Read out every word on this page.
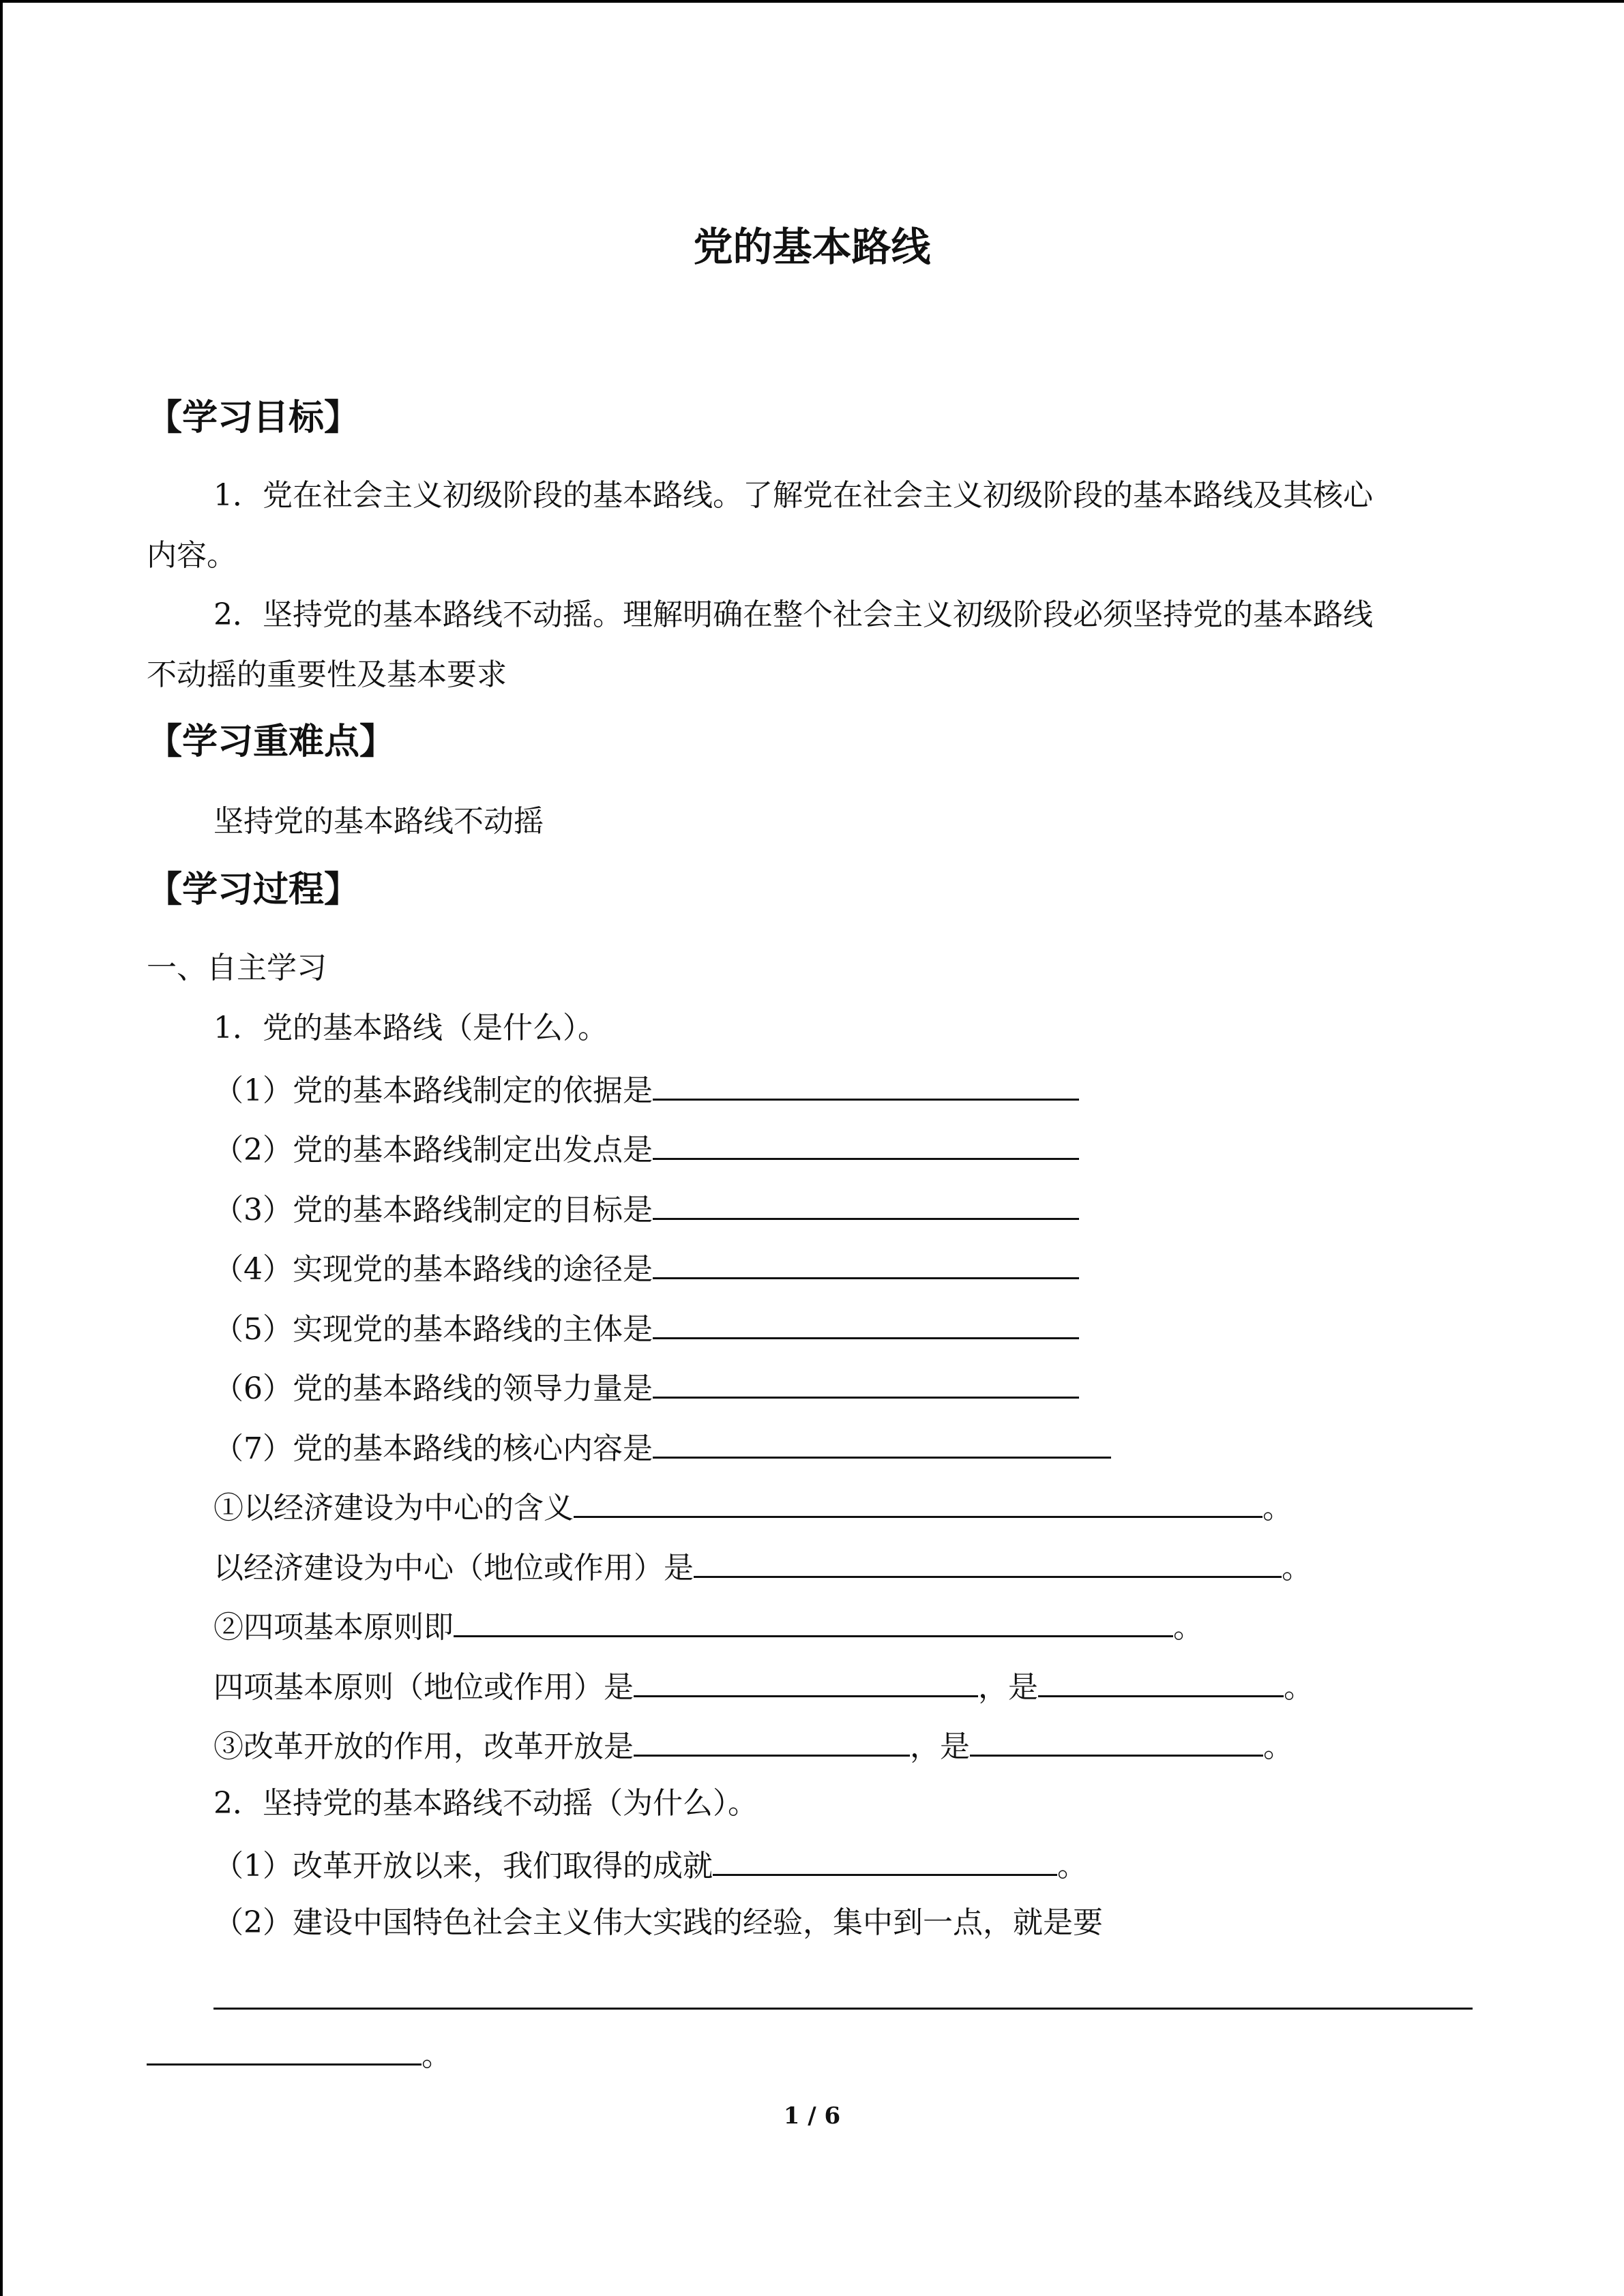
党的基本路线
【学习目标】
1．党在社会主义初级阶段的基本路线。了解党在社会主义初级阶段的基本路线及其核心
内容。
2．坚持党的基本路线不动摇。理解明确在整个社会主义初级阶段必须坚持党的基本路线
不动摇的重要性及基本要求
【学习重难点】
坚持党的基本路线不动摇
【学习过程】
一、自主学习
1．党的基本路线（是什么）。
（1）党的基本路线制定的依据是
（2）党的基本路线制定出发点是
（3）党的基本路线制定的目标是
（4）实现党的基本路线的途径是
（5）实现党的基本路线的主体是
（6）党的基本路线的领导力量是
（7）党的基本路线的核心内容是
①以经济建设为中心的含义	。
以经济建设为中心（地位或作用）是	。
②四项基本原则即	。
四项基本原则（地位或作用）是	，是	。
③改革开放的作用，改革开放是	，是	。
2．坚持党的基本路线不动摇（为什么）。
（1）改革开放以来，我们取得的成就	。
（2）建设中国特色社会主义伟大实践的经验，集中到一点，就是要
。
1 / 6
